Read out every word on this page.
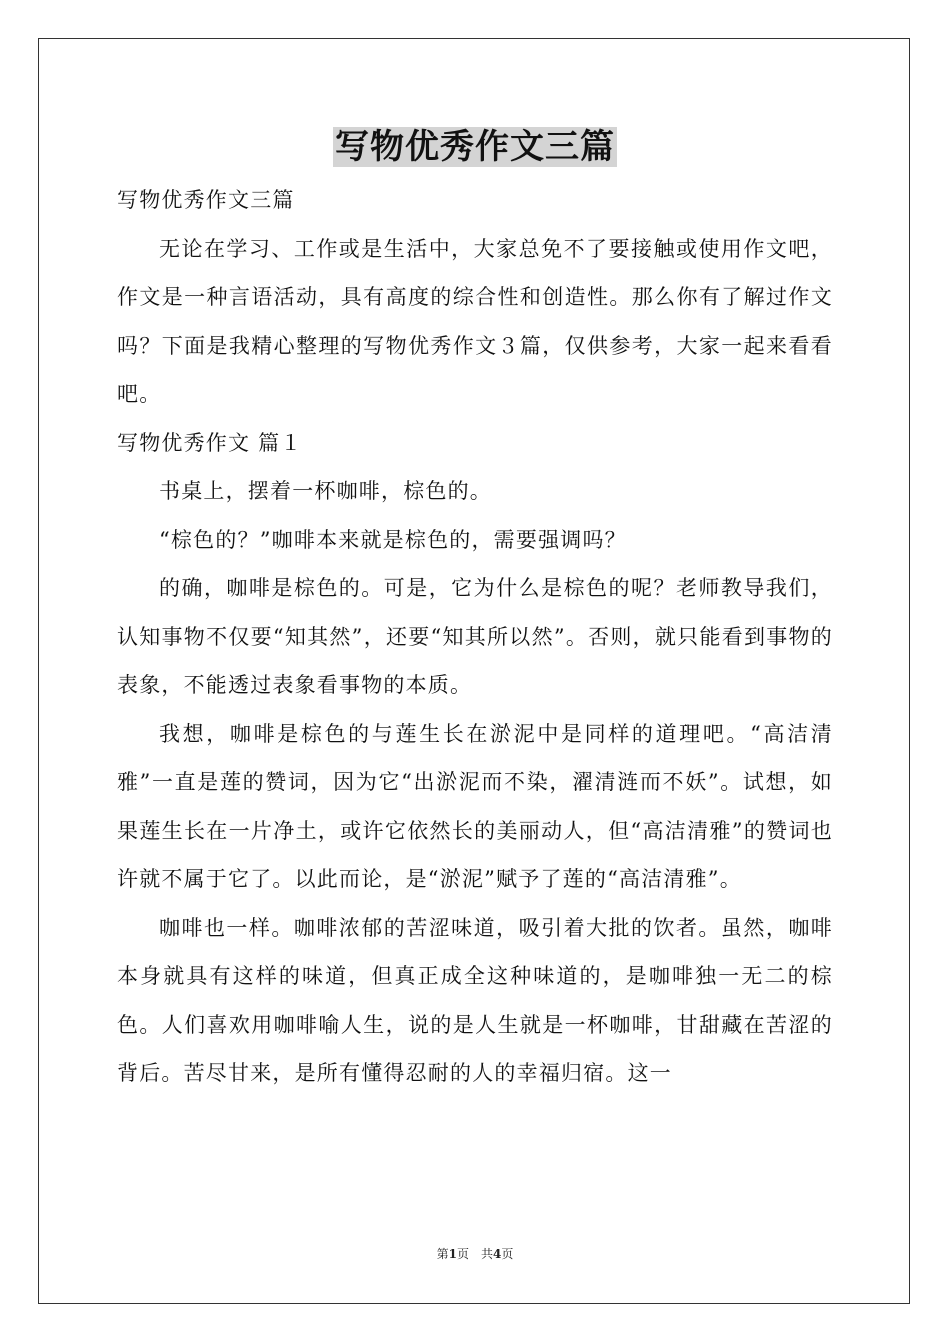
写物优秀作文三篇

写物优秀作文三篇

无论在学习、工作或是生活中，大家总免不了要接触或使用作文吧，作文是一种言语活动，具有高度的综合性和创造性。那么你有了解过作文吗？下面是我精心整理的写物优秀作文３篇，仅供参考，大家一起来看看吧。

写物优秀作文 篇１

书桌上，摆着一杯咖啡，棕色的。

“棕色的？”咖啡本来就是棕色的，需要强调吗？

的确，咖啡是棕色的。可是，它为什么是棕色的呢？老师教导我们，认知事物不仅要“知其然”，还要“知其所以然”。否则，就只能看到事物的表象，不能透过表象看事物的本质。

我想，咖啡是棕色的与莲生长在淤泥中是同样的道理吧。“高洁清雅”一直是莲的赞词，因为它“出淤泥而不染，濯清涟而不妖”。试想，如果莲生长在一片净土，或许它依然长的美丽动人，但“高洁清雅”的赞词也许就不属于它了。以此而论，是“淤泥”赋予了莲的“高洁清雅”。

咖啡也一样。咖啡浓郁的苦涩味道，吸引着大批的饮者。虽然，咖啡本身就具有这样的味道，但真正成全这种味道的，是咖啡独一无二的棕色。人们喜欢用咖啡喻人生，说的是人生就是一杯咖啡，甘甜藏在苦涩的背后。苦尽甘来，是所有懂得忍耐的人的幸福归宿。这一

第1页　共4页
